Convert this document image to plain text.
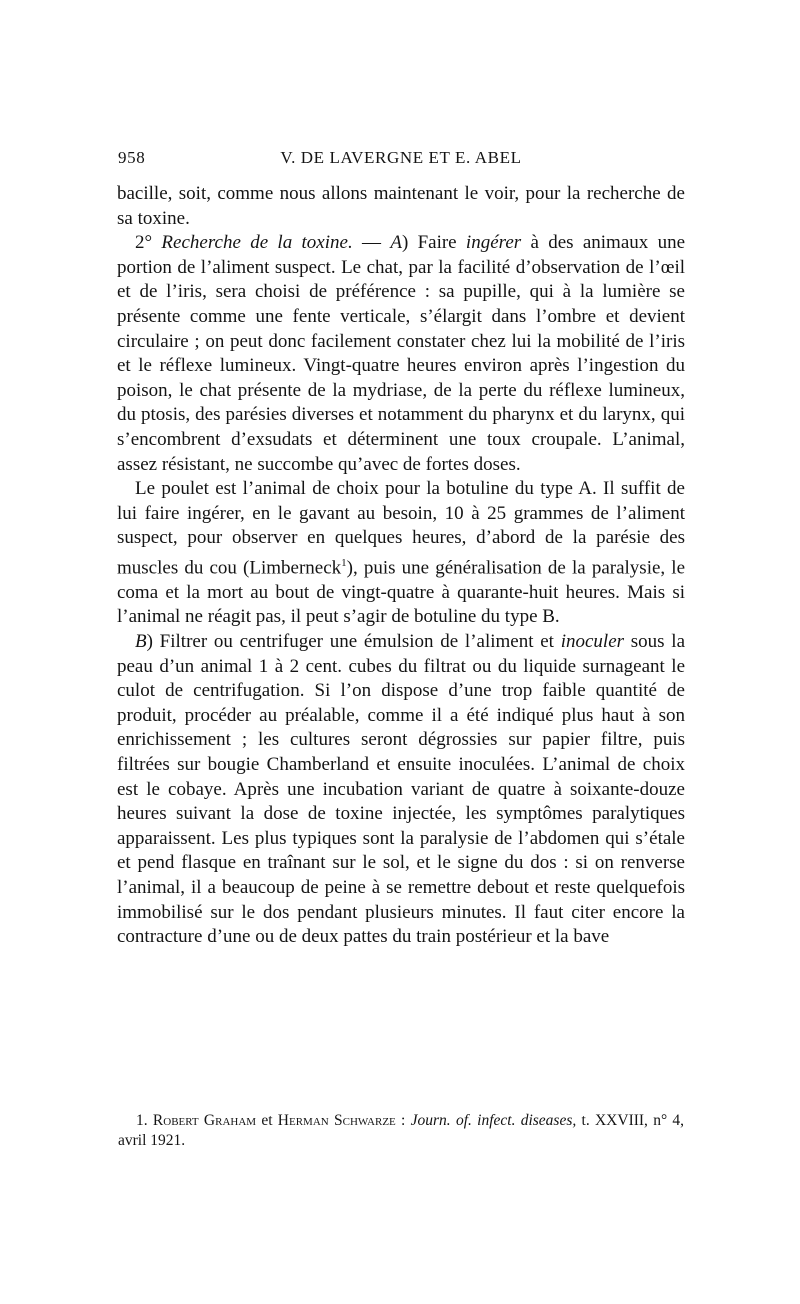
958	V. DE LAVERGNE ET E. ABEL

bacille, soit, comme nous allons maintenant le voir, pour la recherche de sa toxine.

2° Recherche de la toxine. — A) Faire ingérer à des animaux une portion de l’aliment suspect. Le chat, par la facilité d’observation de l’œil et de l’iris, sera choisi de préférence : sa pupille, qui à la lumière se présente comme une fente verticale, s’élargit dans l’ombre et devient circulaire ; on peut donc facilement constater chez lui la mobilité de l’iris et le réflexe lumineux. Vingt-quatre heures environ après l’ingestion du poison, le chat présente de la mydriase, de la perte du réflexe lumineux, du ptosis, des parésies diverses et notamment du pharynx et du larynx, qui s’encombrent d’exsudats et déterminent une toux croupale. L’animal, assez résistant, ne succombe qu’avec de fortes doses.

Le poulet est l’animal de choix pour la botuline du type A. Il suffit de lui faire ingérer, en le gavant au besoin, 10 à 25 grammes de l’aliment suspect, pour observer en quelques heures, d’abord de la parésie des muscles du cou (Limberneck$^1$), puis une généralisation de la paralysie, le coma et la mort au bout de vingt-quatre à quarante-huit heures. Mais si l’animal ne réagit pas, il peut s’agir de botuline du type B.

B) Filtrer ou centrifuger une émulsion de l’aliment et inoculer sous la peau d’un animal 1 à 2 cent. cubes du filtrat ou du liquide surnageant le culot de centrifugation. Si l’on dispose d’une trop faible quantité de produit, procéder au préalable, comme il a été indiqué plus haut à son enrichissement ; les cultures seront dégrossies sur papier filtre, puis filtrées sur bougie Chamberland et ensuite inoculées. L’animal de choix est le cobaye. Après une incubation variant de quatre à soixante-douze heures suivant la dose de toxine injectée, les symptômes paralytiques apparaissent. Les plus typiques sont la paralysie de l’abdomen qui s’étale et pend flasque en traînant sur le sol, et le signe du dos : si on renverse l’animal, il a beaucoup de peine à se remettre debout et reste quelquefois immobilisé sur le dos pendant plusieurs minutes. Il faut citer encore la contracture d’une ou de deux pattes du train postérieur et la bave

1. Robert Graham et Herman Schwarze : Journ. of. infect. diseases, t. XXVIII, n° 4, avril 1921.
